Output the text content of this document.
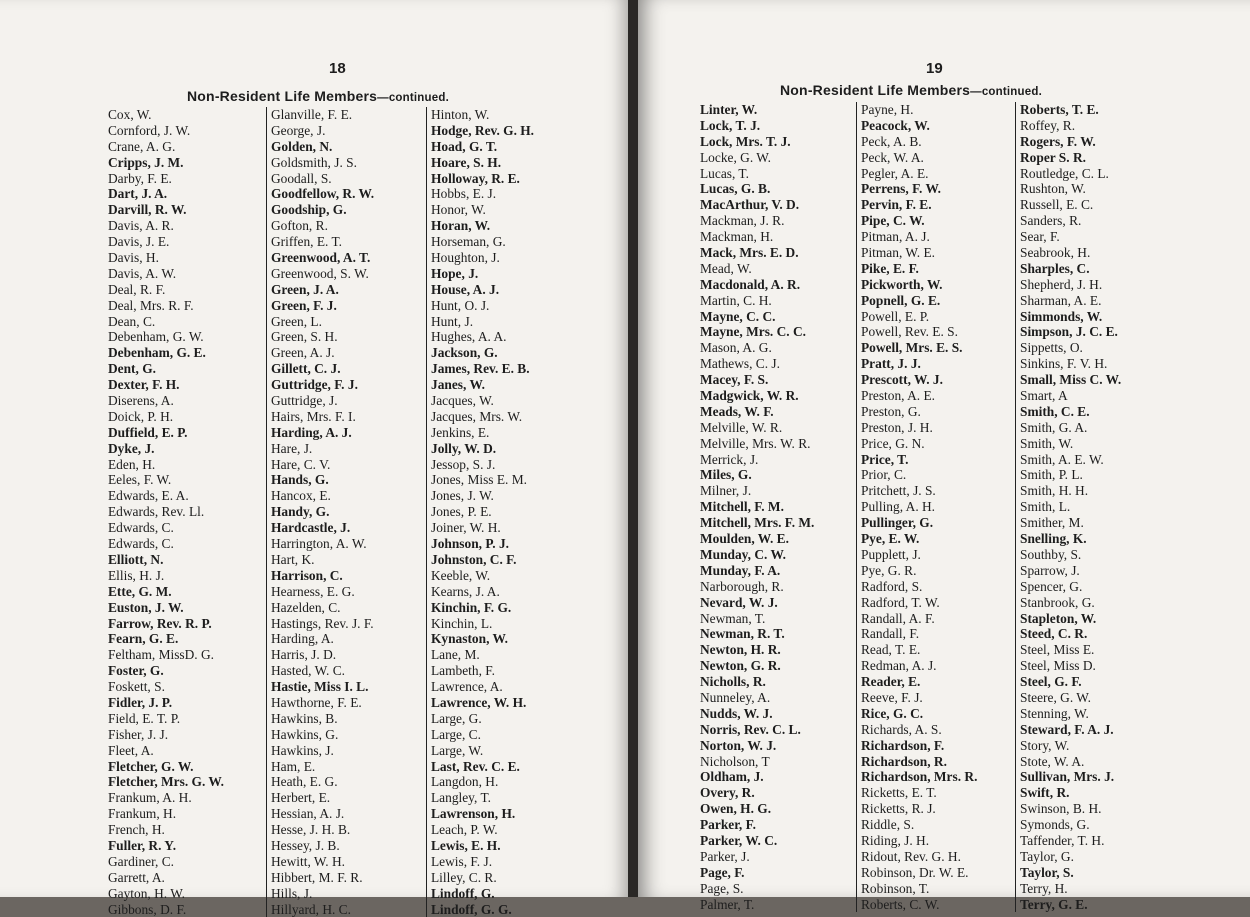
18
Non-Resident Life Members—continued.
Cox, W.
Cornford, J. W.
Crane, A. G.
Cripps, J. M.
Darby, F. E.
Dart, J. A.
Darvill, R. W.
Davis, A. R.
Davis, J. E.
Davis, H.
Davis, A. W.
Deal, R. F.
Deal, Mrs. R. F.
Dean, C.
Debenham, G. W.
Debenham, G. E.
Dent, G.
Dexter, F. H.
Diserens, A.
Doick, P. H.
Duffield, E. P.
Dyke, J.
Eden, H.
Eeles, F. W.
Edwards, E. A.
Edwards, Rev. Ll.
Edwards, C.
Edwards, C.
Elliott, N.
Ellis, H. J.
Ette, G. M.
Euston, J. W.
Farrow, Rev. R. P.
Fearn, G. E.
Feltham, MissD. G.
Foster, G.
Foskett, S.
Fidler, J. P.
Field, E. T. P.
Fisher, J. J.
Fleet, A.
Fletcher, G. W.
Fletcher, Mrs. G. W.
Frankum, A. H.
Frankum, H.
French, H.
Fuller, R. Y.
Gardiner, C.
Garrett, A.
Gayton, H. W.
Gibbons, D. F.
Glanville, F. E.
George, J.
Golden, N.
Goldsmith, J. S.
Goodall, S.
Goodfellow, R. W.
Goodship, G.
Gofton, R.
Griffen, E. T.
Greenwood, A. T.
Greenwood, S. W.
Green, J. A.
Green, F. J.
Green, L.
Green, S. H.
Green, A. J.
Gillett, C. J.
Guttridge, F. J.
Guttridge, J.
Hairs, Mrs. F. I.
Harding, A. J.
Hare, J.
Hare, C. V.
Hands, G.
Hancox, E.
Handy, G.
Hardcastle, J.
Harrington, A. W.
Hart, K.
Harrison, C.
Hearness, E. G.
Hazelden, C.
Hastings, Rev. J. F.
Harding, A.
Harris, J. D.
Hasted, W. C.
Hastie, Miss I. L.
Hawthorne, F. E.
Hawkins, B.
Hawkins, G.
Hawkins, J.
Ham, E.
Heath, E. G.
Herbert, E.
Hessian, A. J.
Hesse, J. H. B.
Hessey, J. B.
Hewitt, W. H.
Hibbert, M. F. R.
Hills, J.
Hillyard, H. C.
Hinton, W.
Hodge, Rev. G. H.
Hoad, G. T.
Hoare, S. H.
Holloway, R. E.
Hobbs, E. J.
Honor, W.
Horan, W.
Horseman, G.
Houghton, J.
Hope, J.
House, A. J.
Hunt, O. J.
Hunt, J.
Hughes, A. A.
Jackson, G.
James, Rev. E. B.
Janes, W.
Jacques, W.
Jacques, Mrs. W.
Jenkins, E.
Jolly, W. D.
Jessop, S. J.
Jones, Miss E. M.
Jones, J. W.
Jones, P. E.
Joiner, W. H.
Johnson, P. J.
Johnston, C. F.
Keeble, W.
Kearns, J. A.
Kinchin, F. G.
Kinchin, L.
Kynaston, W.
Lane, M.
Lambeth, F.
Lawrence, A.
Lawrence, W. H.
Large, G.
Large, C.
Large, W.
Last, Rev. C. E.
Langdon, H.
Langley, T.
Lawrenson, H.
Leach, P. W.
Lewis, E. H.
Lewis, F. J.
Lilley, C. R.
Lindoff, G.
Lindoff, G. G.
19
Non-Resident Life Members—continued.
Linter, W.
Lock, T. J.
Lock, Mrs. T. J.
Locke, G. W.
Lucas, T.
Lucas, G. B.
MacArthur, V. D.
Mackman, J. R.
Mackman, H.
Mack, Mrs. E. D.
Mead, W.
Macdonald, A. R.
Martin, C. H.
Mayne, C. C.
Mayne, Mrs. C. C.
Mason, A. G.
Mathews, C. J.
Macey, F. S.
Madgwick, W. R.
Meads, W. F.
Melville, W. R.
Melville, Mrs. W. R.
Merrick, J.
Miles, G.
Milner, J.
Mitchell, F. M.
Mitchell, Mrs. F. M.
Moulden, W. E.
Munday, C. W.
Munday, F. A.
Narborough, R.
Nevard, W. J.
Newman, T.
Newman, R. T.
Newton, H. R.
Newton, G. R.
Nicholls, R.
Nunneley, A.
Nudds, W. J.
Norris, Rev. C. L.
Norton, W. J.
Nicholson, T
Oldham, J.
Overy, R.
Owen, H. G.
Parker, F.
Parker, W. C.
Parker, J.
Page, F.
Page, S.
Palmer, T.
Payne, H.
Peacock, W.
Peck, A. B.
Peck, W. A.
Pegler, A. E.
Perrens, F. W.
Pervin, F. E.
Pipe, C. W.
Pitman, A. J.
Pitman, W. E.
Pike, E. F.
Pickworth, W.
Popnell, G. E.
Powell, E. P.
Powell, Rev. E. S.
Powell, Mrs. E. S.
Pratt, J. J.
Prescott, W. J.
Preston, A. E.
Preston, G.
Preston, J. H.
Price, G. N.
Price, T.
Prior, C.
Pritchett, J. S.
Pulling, A. H.
Pullinger, G.
Pye, E. W.
Pupplett, J.
Pye, G. R.
Radford, S.
Radford, T. W.
Randall, A. F.
Randall, F.
Read, T. E.
Redman, A. J.
Reader, E.
Reeve, F. J.
Rice, G. C.
Richards, A. S.
Richardson, F.
Richardson, R.
Richardson, Mrs. R.
Ricketts, E. T.
Ricketts, R. J.
Riddle, S.
Riding, J. H.
Ridout, Rev. G. H.
Robinson, Dr. W. E.
Robinson, T.
Roberts, C. W.
Roberts, T. E.
Roffey, R.
Rogers, F. W.
Roper S. R.
Routledge, C. L.
Rushton, W.
Russell, E. C.
Sanders, R.
Sear, F.
Seabrook, H.
Sharples, C.
Shepherd, J. H.
Sharman, A. E.
Simmonds, W.
Simpson, J. C. E.
Sippetts, O.
Sinkins, F. V. H.
Small, Miss C. W.
Smart, A
Smith, C. E.
Smith, G. A.
Smith, W.
Smith, A. E. W.
Smith, P. L.
Smith, H. H.
Smith, L.
Smither, M.
Snelling, K.
Southby, S.
Sparrow, J.
Spencer, G.
Stanbrook, G.
Stapleton, W.
Steed, C. R.
Steel, Miss E.
Steel, Miss D.
Steel, G. F.
Steere, G. W.
Stenning, W.
Steward, F. A. J.
Story, W.
Stote, W. A.
Sullivan, Mrs. J.
Swift, R.
Swinson, B. H.
Symonds, G.
Taffender, T. H.
Taylor, G.
Taylor, S.
Terry, H.
Terry, G. E.
